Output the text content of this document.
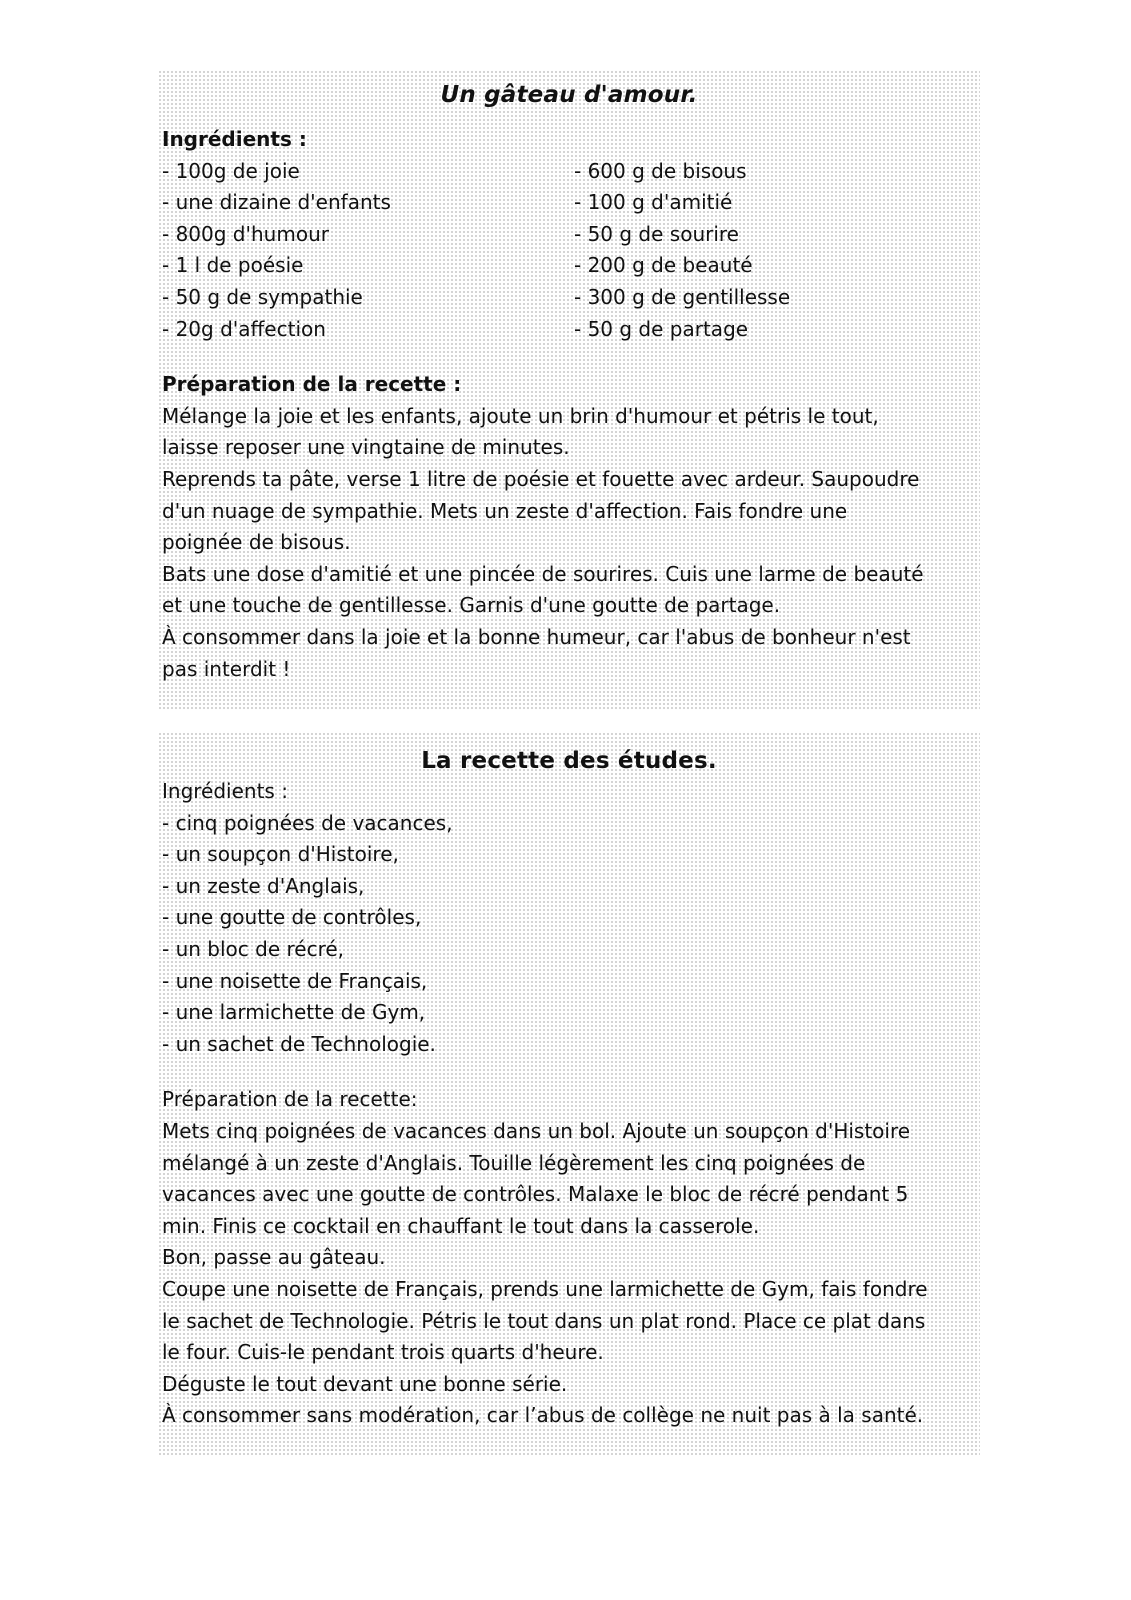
Un gâteau d'amour.

Ingrédients :

- 100g de joie

- une dizaine d'enfants

- 800g d'humour

- 1 l de poésie

- 50 g de sympathie

- 20g d'affection

- 600 g de bisous

- 100 g d'amitié

- 50 g de sourire

- 200 g de beauté

- 300 g de gentillesse

- 50 g de partage

Préparation de la recette :

Mélange la joie et les enfants, ajoute un brin d'humour et pétris le tout,

laisse reposer une vingtaine de minutes.

Reprends ta pâte, verse 1 litre de poésie et fouette avec ardeur. Saupoudre

d'un nuage de sympathie. Mets un zeste d'affection. Fais fondre une

poignée de bisous.

Bats une dose d'amitié et une pincée de sourires. Cuis une larme de beauté

et une touche de gentillesse. Garnis d'une goutte de partage.

À consommer dans la joie et la bonne humeur, car l'abus de bonheur n'est

pas interdit !

La recette des études.

Ingrédients :

- cinq poignées de vacances,

- un soupçon d'Histoire,

- un zeste d'Anglais,

- une goutte de contrôles,

- un bloc de récré,

- une noisette de Français,

- une larmichette de Gym,

- un sachet de Technologie.

Préparation de la recette:

Mets cinq poignées de vacances dans un bol. Ajoute un soupçon d'Histoire

mélangé à un zeste d'Anglais. Touille légèrement les cinq poignées de

vacances avec une goutte de contrôles. Malaxe le bloc de récré pendant 5

min. Finis ce cocktail en chauffant le tout dans la casserole.

Bon, passe au gâteau.

Coupe une noisette de Français, prends une larmichette de Gym, fais fondre

le sachet de Technologie. Pétris le tout dans un plat rond. Place ce plat dans

le four. Cuis-le pendant trois quarts d'heure.

Déguste le tout devant une bonne série.

À consommer sans modération, car l’abus de collège ne nuit pas à la santé.
